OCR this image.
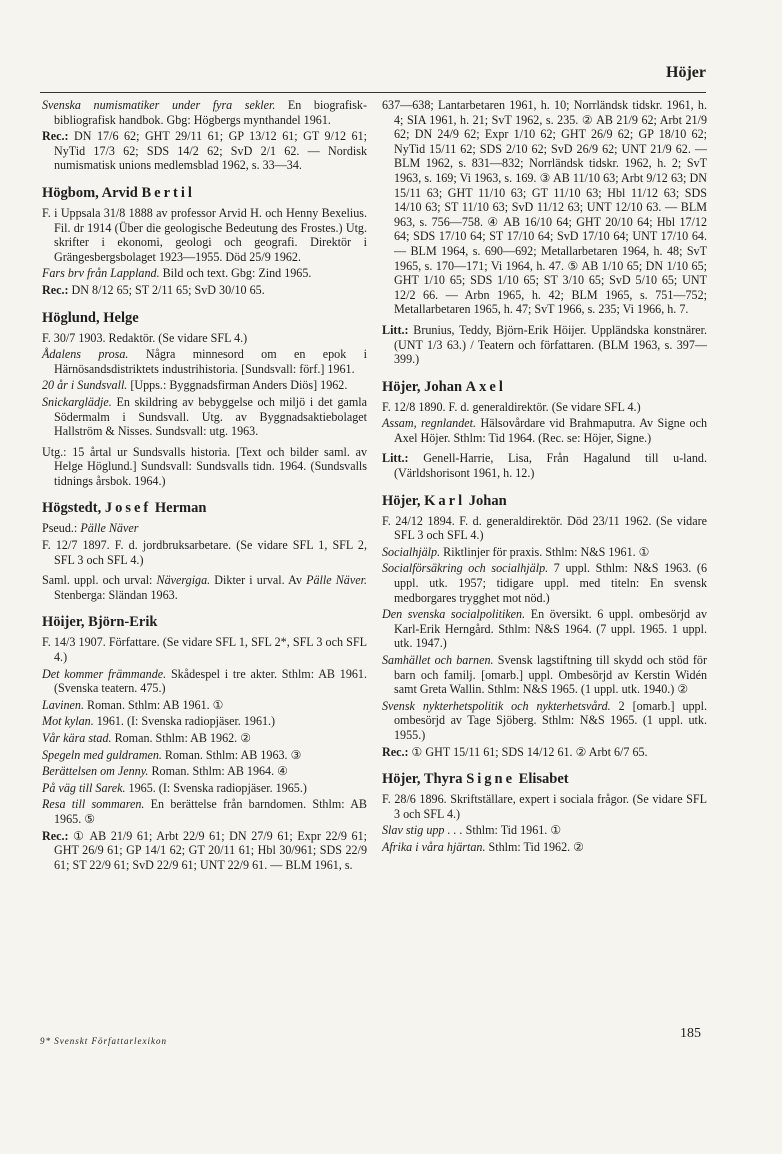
Höjer

Svenska numismatiker under fyra sekler. En biografisk-bibliografisk handbok. Gbg: Högbergs mynthandel 1961.

Rec.: DN 17/6 62; GHT 29/11 61; GP 13/12 61; GT 9/12 61; NyTid 17/3 62; SDS 14/2 62; SvD 2/1 62. — Nordisk numismatisk unions medlemsblad 1962, s. 33—34.

Högbom, Arvid Bertil

F. i Uppsala 31/8 1888 av professor Arvid H. och Henny Bexelius. Fil. dr 1914 (Über die geologische Bedeutung des Frostes.) Utg. skrifter i ekonomi, geologi och geografi. Direktör i Grängesbergsbolaget 1923—1955. Död 25/9 1962.

Fars brv från Lappland. Bild och text. Gbg: Zind 1965.

Rec.: DN 8/12 65; ST 2/11 65; SvD 30/10 65.

Höglund, Helge

F. 30/7 1903. Redaktör. (Se vidare SFL 4.)

Ådalens prosa. Några minnesord om en epok i Härnösandsdistriktets industrihistoria. [Sundsvall: förf.] 1961.

20 år i Sundsvall. [Upps.: Byggnadsfirman Anders Diös] 1962.

Snickarglädje. En skildring av bebyggelse och miljö i det gamla Södermalm i Sundsvall. Utg. av Byggnadsaktiebolaget Hallström & Nisses. Sundsvall: utg. 1963.

Utg.: 15 årtal ur Sundsvalls historia. [Text och bilder saml. av Helge Höglund.] Sundsvall: Sundsvalls tidn. 1964. (Sundsvalls tidnings årsbok. 1964.)

Högstedt, Josef Herman

Pseud.: Pälle Näver

F. 12/7 1897. F. d. jordbruksarbetare. (Se vidare SFL 1, SFL 2, SFL 3 och SFL 4.)

Saml. uppl. och urval: Nävergiga. Dikter i urval. Av Pälle Näver. Stenberga: Sländan 1963.

Höijer, Björn-Erik

F. 14/3 1907. Författare. (Se vidare SFL 1, SFL 2*, SFL 3 och SFL 4.)

Det kommer främmande. Skådespel i tre akter. Sthlm: AB 1961. (Svenska teatern. 475.)

Lavinen. Roman. Sthlm: AB 1961. ①

Mot kylan. 1961. (I: Svenska radiopjäser. 1961.)

Vår kära stad. Roman. Sthlm: AB 1962. ②

Spegeln med guldramen. Roman. Sthlm: AB 1963. ③

Berättelsen om Jenny. Roman. Sthlm: AB 1964. ④

På väg till Sarek. 1965. (I: Svenska radiopjäser. 1965.)

Resa till sommaren. En berättelse från barndomen. Sthlm: AB 1965. ⑤

Rec.: ① AB 21/9 61; Arbt 22/9 61; DN 27/9 61; Expr 22/9 61; GHT 26/9 61; GP 14/1 62; GT 20/11 61; Hbl 30/961; SDS 22/9 61; ST 22/9 61; SvD 22/9 61; UNT 22/9 61. — BLM 1961, s.

637—638; Lantarbetaren 1961, h. 10; Norrländsk tidskr. 1961, h. 4; SIA 1961, h. 21; SvT 1962, s. 235. ② AB 21/9 62; Arbt 21/9 62; DN 24/9 62; Expr 1/10 62; GHT 26/9 62; GP 18/10 62; NyTid 15/11 62; SDS 2/10 62; SvD 26/9 62; UNT 21/9 62. — BLM 1962, s. 831—832; Norrländsk tidskr. 1962, h. 2; SvT 1963, s. 169; Vi 1963, s. 169. ③ AB 11/10 63; Arbt 9/12 63; DN 15/11 63; GHT 11/10 63; GT 11/10 63; Hbl 11/12 63; SDS 14/10 63; ST 11/10 63; SvD 11/12 63; UNT 12/10 63. — BLM 963, s. 756—758. ④ AB 16/10 64; GHT 20/10 64; Hbl 17/12 64; SDS 17/10 64; ST 17/10 64; SvD 17/10 64; UNT 17/10 64. — BLM 1964, s. 690—692; Metallarbetaren 1964, h. 48; SvT 1965, s. 170—171; Vi 1964, h. 47. ⑤ AB 1/10 65; DN 1/10 65; GHT 1/10 65; SDS 1/10 65; ST 3/10 65; SvD 5/10 65; UNT 12/2 66. — Arbn 1965, h. 42; BLM 1965, s. 751—752; Metallarbetaren 1965, h. 47; SvT 1966, s. 235; Vi 1966, h. 7.

Litt.: Brunius, Teddy, Björn-Erik Höijer. Uppländska konstnärer. (UNT 1/3 63.) / Teatern och författaren. (BLM 1963, s. 397—399.)

Höjer, Johan Axel

F. 12/8 1890. F. d. generaldirektör. (Se vidare SFL 4.)

Assam, regnlandet. Hälsovårdare vid Brahmaputra. Av Signe och Axel Höjer. Sthlm: Tid 1964. (Rec. se: Höjer, Signe.)

Litt.: Genell-Harrie, Lisa, Från Hagalund till u-land. (Världshorisont 1961, h. 12.)

Höjer, Karl Johan

F. 24/12 1894. F. d. generaldirektör. Död 23/11 1962. (Se vidare SFL 3 och SFL 4.)

Socialhjälp. Riktlinjer för praxis. Sthlm: N&S 1961. ①

Socialförsäkring och socialhjälp. 7 uppl. Sthlm: N&S 1963. (6 uppl. utk. 1957; tidigare uppl. med titeln: En svensk medborgares trygghet mot nöd.)

Den svenska socialpolitiken. En översikt. 6 uppl. ombesörjd av Karl-Erik Herngård. Sthlm: N&S 1964. (7 uppl. 1965. 1 uppl. utk. 1947.)

Samhället och barnen. Svensk lagstiftning till skydd och stöd för barn och familj. [omarb.] uppl. Ombesörjd av Kerstin Widén samt Greta Wallin. Sthlm: N&S 1965. (1 uppl. utk. 1940.) ②

Svensk nykterhetspolitik och nykterhetsvård. 2 [omarb.] uppl. ombesörjd av Tage Sjöberg. Sthlm: N&S 1965. (1 uppl. utk. 1955.)

Rec.: ① GHT 15/11 61; SDS 14/12 61. ② Arbt 6/7 65.

Höjer, Thyra Signe Elisabet

F. 28/6 1896. Skriftställare, expert i sociala frågor. (Se vidare SFL 3 och SFL 4.)

Slav stig upp . . . Sthlm: Tid 1961. ①

Afrika i våra hjärtan. Sthlm: Tid 1962. ②

9* Svenskt Författarlexikon	185
